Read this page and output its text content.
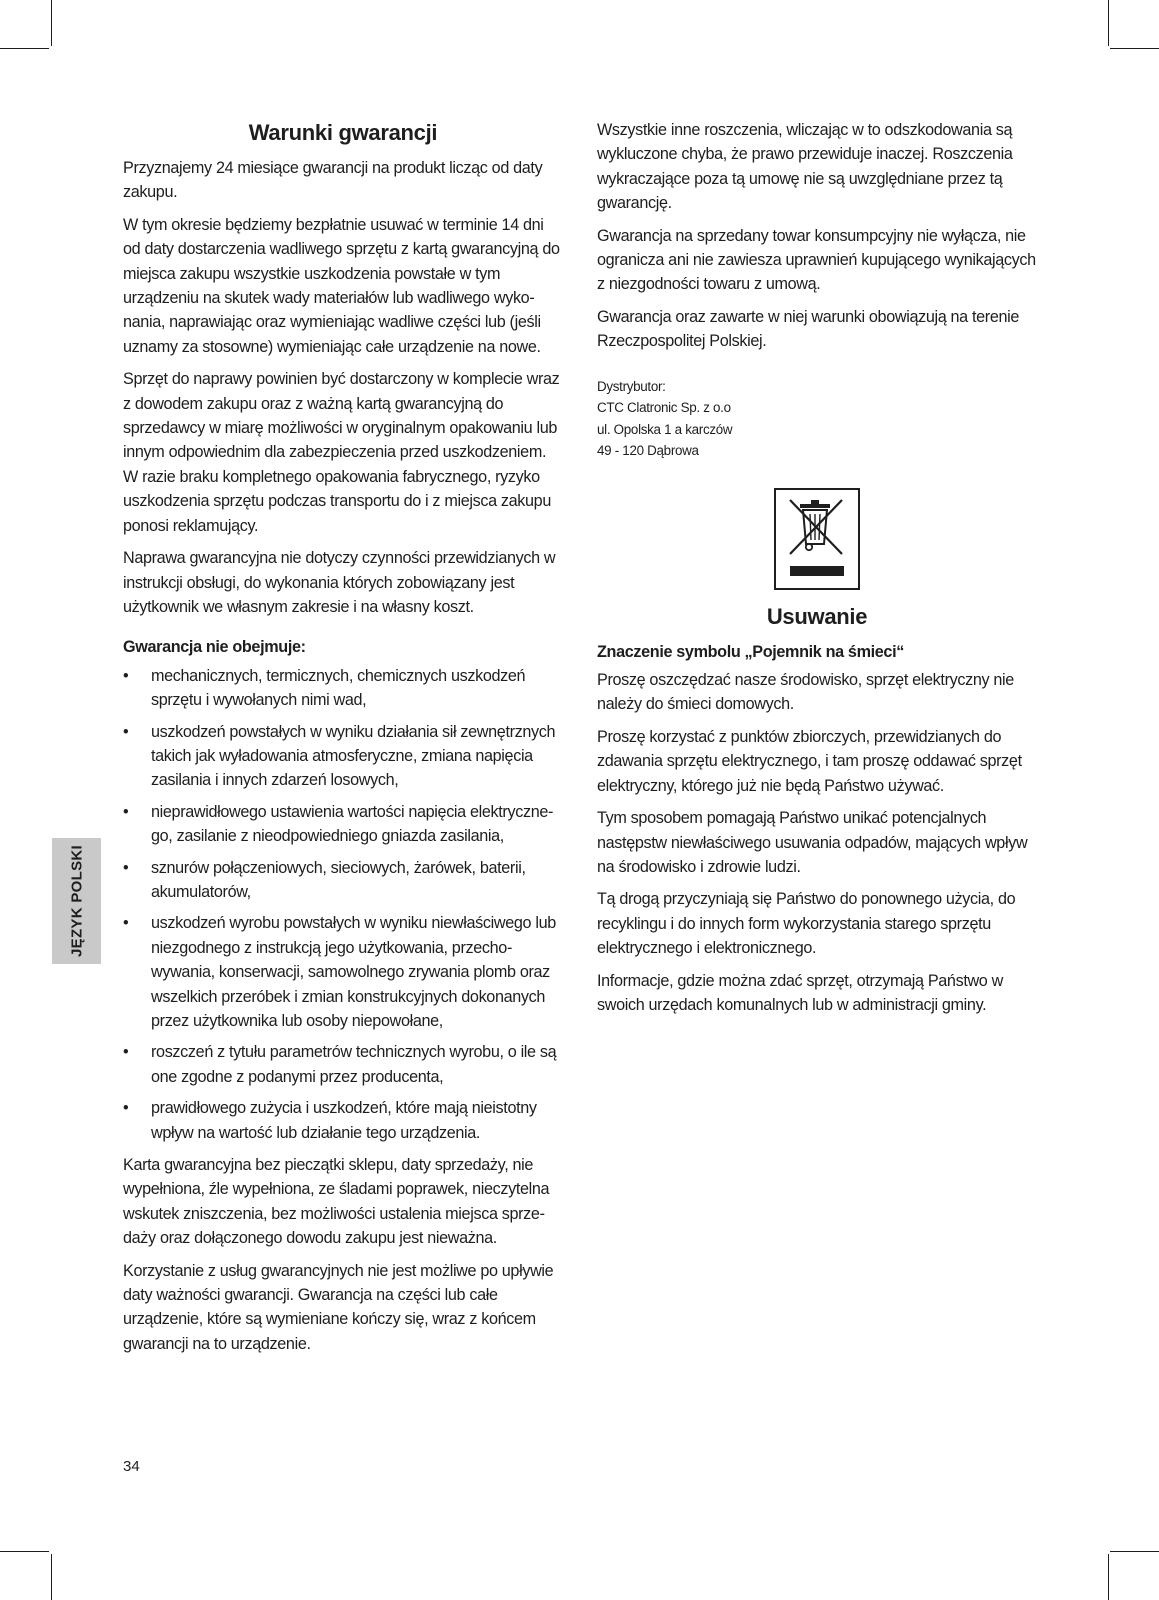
Warunki gwarancji

Przyznajemy 24 miesiące gwarancji na produkt licząc od daty zakupu.

W tym okresie będziemy bezpłatnie usuwać w terminie 14 dni od daty dostarczenia wadliwego sprzętu z kartą gwarancyjną do miejsca zakupu wszystkie uszkodzenia powstałe w tym urządzeniu na skutek wady materiałów lub wadliwego wykonania, naprawiając oraz wymieniając wadliwe części lub (jeśli uznamy za stosowne) wymieniając całe urządzenie na nowe.

Sprzęt do naprawy powinien być dostarczony w komplecie wraz z dowodem zakupu oraz z ważną kartą gwarancyjną do sprzedawcy w miarę możliwości w oryginalnym opakowaniu lub innym odpowiednim dla zabezpieczenia przed uszkodzeniem. W razie braku kompletnego opakowania fabrycznego, ryzyko uszkodzenia sprzętu podczas transportu do i z miejsca zakupu ponosi reklamujący.

Naprawa gwarancyjna nie dotyczy czynności przewidzianych w instrukcji obsługi, do wykonania których zobowiązany jest użytkownik we własnym zakresie i na własny koszt.

Gwarancja nie obejmuje:

• mechanicznych, termicznych, chemicznych uszkodzeń sprzętu i wywołanych nimi wad,
• uszkodzeń powstałych w wyniku działania sił zewnętrznych takich jak wyładowania atmosferyczne, zmiana napięcia zasilania i innych zdarzeń losowych,
• nieprawidłowego ustawienia wartości napięcia elektrycznego, zasilanie z nieodpowiedniego gniazda zasilania,
• sznurów połączeniowych, sieciowych, żarówek, baterii, akumulatorów,
• uszkodzeń wyrobu powstałych w wyniku niewłaściwego lub niezgodnego z instrukcją jego użytkowania, przechowywania, konserwacji, samowolnego zrywania plomb oraz wszelkich przeróbek i zmian konstrukcyjnych dokonanych przez użytkownika lub osoby niepowołane,
• roszczeń z tytułu parametrów technicznych wyrobu, o ile są one zgodne z podanymi przez producenta,
• prawidłowego zużycia i uszkodzeń, które mają nieistotny wpływ na wartość lub działanie tego urządzenia.

Karta gwarancyjna bez pieczątki sklepu, daty sprzedaży, nie wypełniona, źle wypełniona, ze śladami poprawek, nieczytelna wskutek zniszczenia, bez możliwości ustalenia miejsca sprzedaży oraz dołączonego dowodu zakupu jest nieważna.

Korzystanie z usług gwarancyjnych nie jest możliwe po upływie daty ważności gwarancji. Gwarancja na części lub całe urządzenie, które są wymieniane kończy się, wraz z końcem gwarancji na to urządzenie.

Wszystkie inne roszczenia, wliczając w to odszkodowania są wykluczone chyba, że prawo przewiduje inaczej. Roszczenia wykraczające poza tą umowę nie są uwzględniane przez tą gwarancję.

Gwarancja na sprzedany towar konsumpcyjny nie wyłącza, nie ogranicza ani nie zawiesza uprawnień kupującego wynikających z niezgodności towaru z umową.

Gwarancja oraz zawarte w niej warunki obowiązują na terenie Rzeczpospolitej Polskiej.

Dystrybutor:
CTC Clatronic Sp. z o.o
ul. Opolska 1 a karczów
49 - 120 Dąbrowa
Usuwanie

Znaczenie symbolu „Pojemnik na śmieci“

Proszę oszczędzać nasze środowisko, sprzęt elektryczny nie należy do śmieci domowych.

Proszę korzystać z punktów zbiorczych, przewidzianych do zdawania sprzętu elektrycznego, i tam proszę oddawać sprzęt elektryczny, którego już nie będą Państwo używać.

Tym sposobem pomagają Państwo unikać potencjalnych następstw niewłaściwego usuwania odpadów, mających wpływ na środowisko i zdrowie ludzi.

Tą drogą przyczyniają się Państwo do ponownego użycia, do recyklingu i do innych form wykorzystania starego sprzętu elektrycznego i elektronicznego.

Informacje, gdzie można zdać sprzęt, otrzymają Państwo w swoich urzędach komunalnych lub w administracji gminy.

JĘZYK POLSKI
34
